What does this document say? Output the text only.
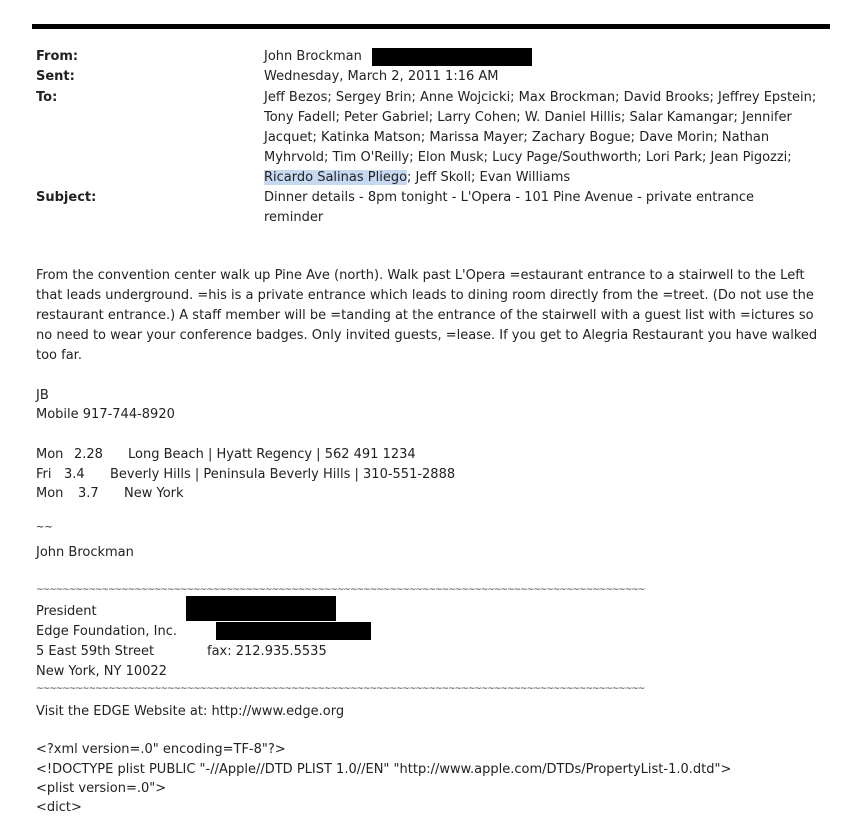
From:	John Brockman
Sent:	Wednesday, March 2, 2011 1:16 AM
To:	Jeff Bezos; Sergey Brin; Anne Wojcicki; Max Brockman; David Brooks; Jeffrey Epstein;
Tony Fadell; Peter Gabriel; Larry Cohen; W. Daniel Hillis; Salar Kamangar; Jennifer
Jacquet; Katinka Matson; Marissa Mayer; Zachary Bogue; Dave Morin; Nathan
Myhrvold; Tim O'Reilly; Elon Musk; Lucy Page/Southworth; Lori Park; Jean Pigozzi;
Ricardo Salinas Pliego; Jeff Skoll; Evan Williams
Subject:	Dinner details - 8pm tonight - L'Opera - 101 Pine Avenue - private entrance
reminder
From the convention center walk up Pine Ave (north). Walk past L'Opera =estaurant entrance to a stairwell to the Left
that leads underground. =his is a private entrance which leads to dining room directly from the =treet. (Do not use the
restaurant entrance.) A staff member will be =tanding at the entrance of the stairwell with a guest list with =ictures so
no need to wear your conference badges. Only invited guests, =lease. If you get to Alegria Restaurant you have walked
too far.
JB
Mobile 917-744-8920
Mon 2.28 Long Beach | Hyatt Regency | 562 491 1234
Fri 3.4 Beverly Hills | Peninsula Beverly Hills | 310-551-2888
Mon 3.7 New York
~~
John Brockman
~~~~~~~~~~~~~~~~~~~~~~~~~~~~~~~~~~~~~~~~~~~~~~~~~~~~~~~~~~~~~~~~~~~~~~~~~~~~~~~~~~~~~~~~~~~~~
President
Edge Foundation, Inc.
5 East 59th Street	fax: 212.935.5535
New York, NY 10022
~~~~~~~~~~~~~~~~~~~~~~~~~~~~~~~~~~~~~~~~~~~~~~~~~~~~~~~~~~~~~~~~~~~~~~~~~~~~~~~~~~~~~~~~~~~~~
Visit the EDGE Website at: http://www.edge.org
<?xml version=.0" encoding=TF-8"?>
<!DOCTYPE plist PUBLIC "-//Apple//DTD PLIST 1.0//EN" "http://www.apple.com/DTDs/PropertyList-1.0.dtd">
<plist version=.0">
<dict>
